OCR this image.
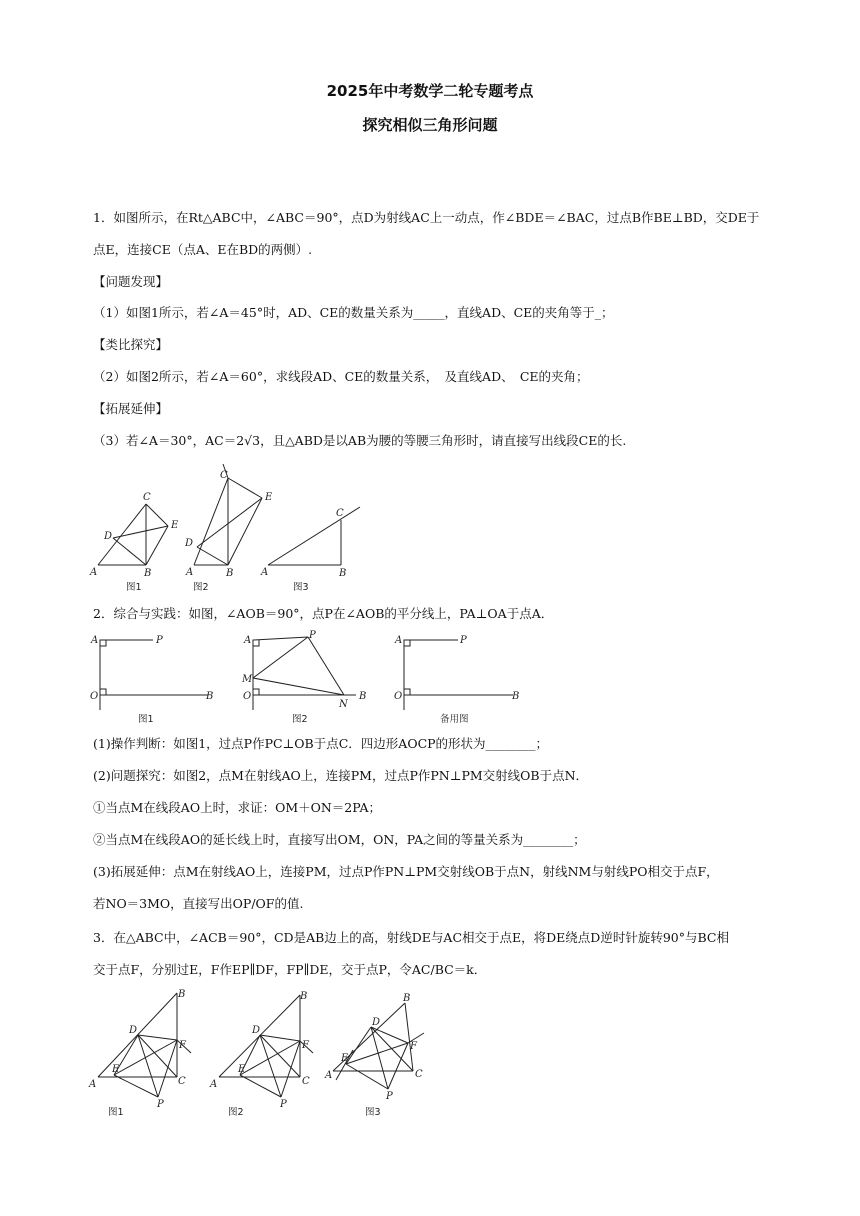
2025年中考数学二轮专题考点
探究相似三角形问题
1．如图所示，在Rt△ABC中，∠ABC＝90°，点D为射线AC上一动点，作∠BDE＝∠BAC，过点B作BE⊥BD，交DE于
点E，连接CE（点A、E在BD的两侧）.
【问题发现】
（1）如图1所示，若∠A＝45°时，AD、CE的数量关系为_____，直线AD、CE的夹角等于_；
【类比探究】
（2）如图2所示，若∠A＝60°，求线段AD、CE的数量关系，　及直线AD、　CE的夹角；
【拓展延伸】
（3）若∠A＝30°，AC＝2√3，且△ABD是以AB为腰的等腰三角形时，请直接写出线段CE的长.
A	B
C
D
E
图1
A	B
C
D
E
图2
A	B
C
图3
2．综合与实践：如图，∠AOB＝90°，点P在∠AOB的平分线上，PA⊥OA于点A．
A	P
O	B
图1
A	P
O	B
M
N
图2
A	P
O	B
备用图
(1)操作判断：如图1，过点P作PC⊥OB于点C．四边形AOCP的形状为________；
(2)问题探究：如图2，点M在射线AO上，连接PM，过点P作PN⊥PM交射线OB于点N．
①当点M在线段AO上时，求证：OM＋ON＝2PA；
②当点M在线段AO的延长线上时，直接写出OM，ON，PA之间的等量关系为________；
(3)拓展延伸：点M在射线AO上，连接PM，过点P作PN⊥PM交射线OB于点N，射线NM与射线PO相交于点F，
若NO＝3MO，直接写出OP/OF的值.
3．在△ABC中，∠ACB＝90°，CD是AB边上的高，射线DE与AC相交于点E，将DE绕点D逆时针旋转90°与BC相
交于点F，分别过E，F作EP∥DF，FP∥DE，交于点P，令AC/BC＝k．
A
B
C
D
E
F
P
图1
A
B
C
D
E
F
P
图2
A
B
C
D
E
F
P
图3
